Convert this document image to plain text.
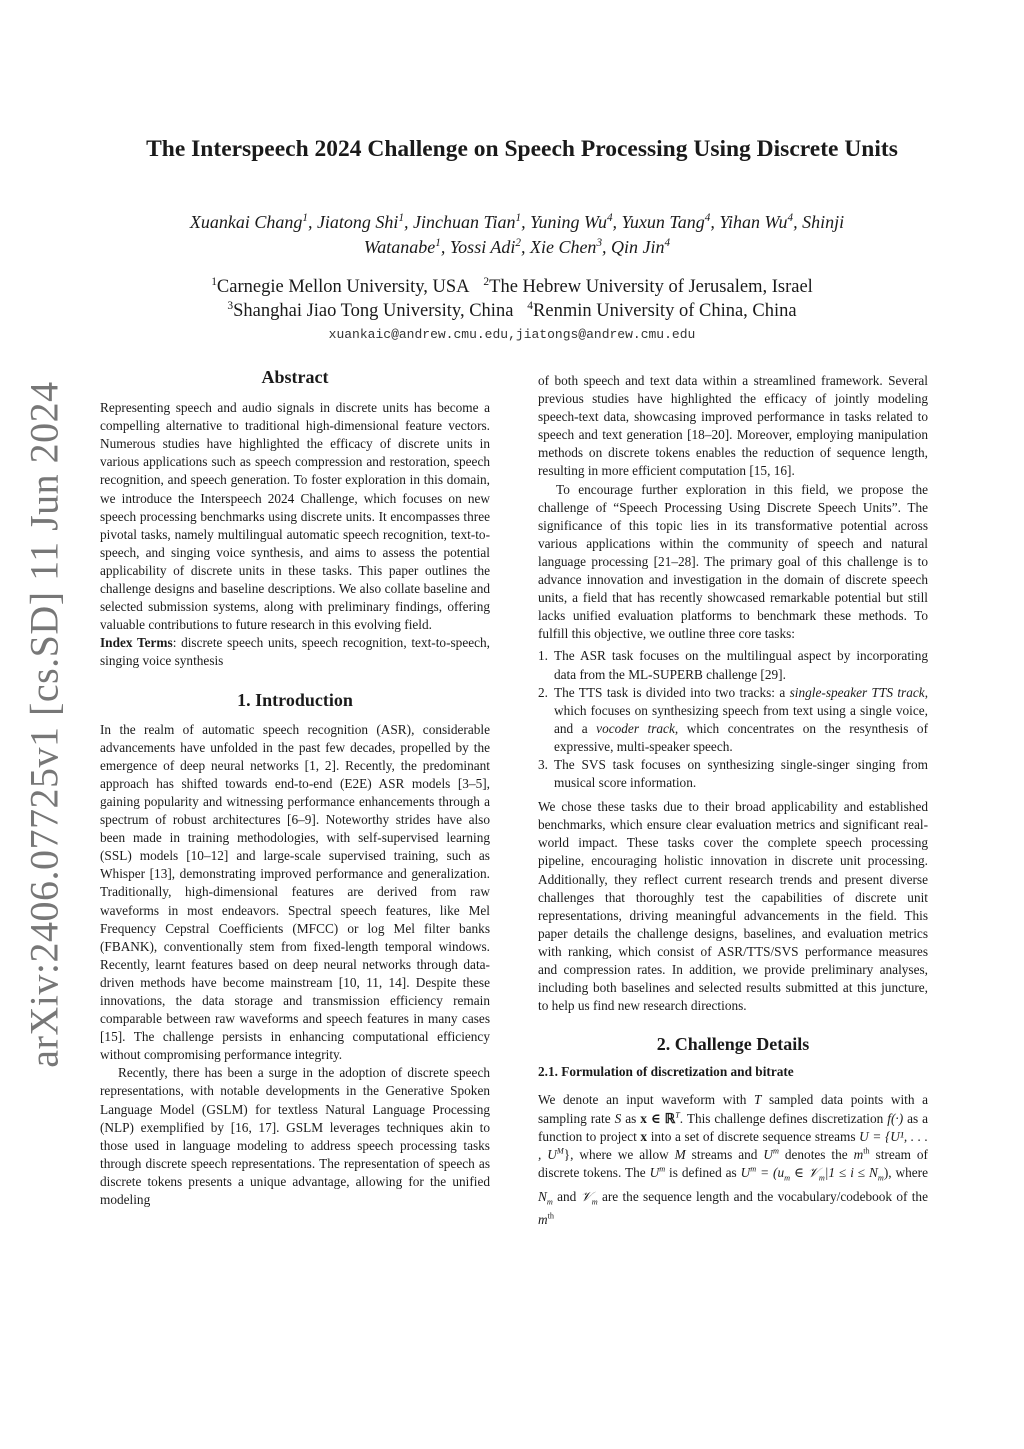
arXiv:2406.07725v1 [cs.SD] 11 Jun 2024
The Interspeech 2024 Challenge on Speech Processing Using Discrete Units
Xuankai Chang$^1$, Jiatong Shi$^1$, Jinchuan Tian$^1$, Yuning Wu$^4$, Yuxun Tang$^4$, Yihan Wu$^4$, Shinji
Watanabe$^1$, Yossi Adi$^2$, Xie Chen$^3$, Qin Jin$^4$
$^1$Carnegie Mellon University, USA $^2$The Hebrew University of Jerusalem, Israel
$^3$Shanghai Jiao Tong University, China $^4$Renmin University of China, China
xuankaic@andrew.cmu.edu,jiatongs@andrew.cmu.edu
Abstract

Representing speech and audio signals in discrete units has become a compelling alternative to traditional high-dimensional feature vectors. Numerous studies have highlighted the efficacy of discrete units in various applications such as speech compression and restoration, speech recognition, and speech generation. To foster exploration in this domain, we introduce the Interspeech 2024 Challenge, which focuses on new speech processing benchmarks using discrete units. It encompasses three pivotal tasks, namely multilingual automatic speech recognition, text-to-speech, and singing voice synthesis, and aims to assess the potential applicability of discrete units in these tasks. This paper outlines the challenge designs and baseline descriptions. We also collate baseline and selected submission systems, along with preliminary findings, offering valuable contributions to future research in this evolving field.

Index Terms: discrete speech units, speech recognition, text-to-speech, singing voice synthesis

1. Introduction

In the realm of automatic speech recognition (ASR), considerable advancements have unfolded in the past few decades, propelled by the emergence of deep neural networks [1, 2]. Recently, the predominant approach has shifted towards end-to-end (E2E) ASR models [3–5], gaining popularity and witnessing performance enhancements through a spectrum of robust architectures [6–9]. Noteworthy strides have also been made in training methodologies, with self-supervised learning (SSL) models [10–12] and large-scale supervised training, such as Whisper [13], demonstrating improved performance and generalization. Traditionally, high-dimensional features are derived from raw waveforms in most endeavors. Spectral speech features, like Mel Frequency Cepstral Coefficients (MFCC) or log Mel filter banks (FBANK), conventionally stem from fixed-length temporal windows. Recently, learnt features based on deep neural networks through data-driven methods have become mainstream [10, 11, 14]. Despite these innovations, the data storage and transmission efficiency remain comparable between raw waveforms and speech features in many cases [15]. The challenge persists in enhancing computational efficiency without compromising performance integrity.

Recently, there has been a surge in the adoption of discrete speech representations, with notable developments in the Generative Spoken Language Model (GSLM) for textless Natural Language Processing (NLP) exemplified by [16, 17]. GSLM leverages techniques akin to those used in language modeling to address speech processing tasks through discrete speech representations. The representation of speech as discrete tokens presents a unique advantage, allowing for the unified modeling

of both speech and text data within a streamlined framework. Several previous studies have highlighted the efficacy of jointly modeling speech-text data, showcasing improved performance in tasks related to speech and text generation [18–20]. Moreover, employing manipulation methods on discrete tokens enables the reduction of sequence length, resulting in more efficient computation [15, 16].

To encourage further exploration in this field, we propose the challenge of “Speech Processing Using Discrete Speech Units”. The significance of this topic lies in its transformative potential across various applications within the community of speech and natural language processing [21–28]. The primary goal of this challenge is to advance innovation and investigation in the domain of discrete speech units, a field that has recently showcased remarkable potential but still lacks unified evaluation platforms to benchmark these methods. To fulfill this objective, we outline three core tasks:

1. The ASR task focuses on the multilingual aspect by incorporating data from the ML-SUPERB challenge [29].
2. The TTS task is divided into two tracks: a single-speaker TTS track, which focuses on synthesizing speech from text using a single voice, and a vocoder track, which concentrates on the resynthesis of expressive, multi-speaker speech.
3. The SVS task focuses on synthesizing single-singer singing from musical score information.

We chose these tasks due to their broad applicability and established benchmarks, which ensure clear evaluation metrics and significant real-world impact. These tasks cover the complete speech processing pipeline, encouraging holistic innovation in discrete unit processing. Additionally, they reflect current research trends and present diverse challenges that thoroughly test the capabilities of discrete unit representations, driving meaningful advancements in the field. This paper details the challenge designs, baselines, and evaluation metrics with ranking, which consist of ASR/TTS/SVS performance measures and compression rates. In addition, we provide preliminary analyses, including both baselines and selected results submitted at this juncture, to help us find new research directions.

2. Challenge Details
2.1. Formulation of discretization and bitrate

We denote an input waveform with T sampled data points with a sampling rate S as x ∈ ℝ$^T$. This challenge defines discretization f(·) as a function to project x into a set of discrete sequence streams U = {U¹, . . . , $U^M$}, where we allow M streams and $U^m$ denotes the $m^{th}$ stream of discrete tokens. The $U^m$ is defined as $U^m = (u_m$ ∈ 𝒱$_m$|1 ≤ $i \le N_m$), where $N_m$ and 𝒱$_m$ are the sequence length and the vocabulary/codebook of the $m^{th}$
